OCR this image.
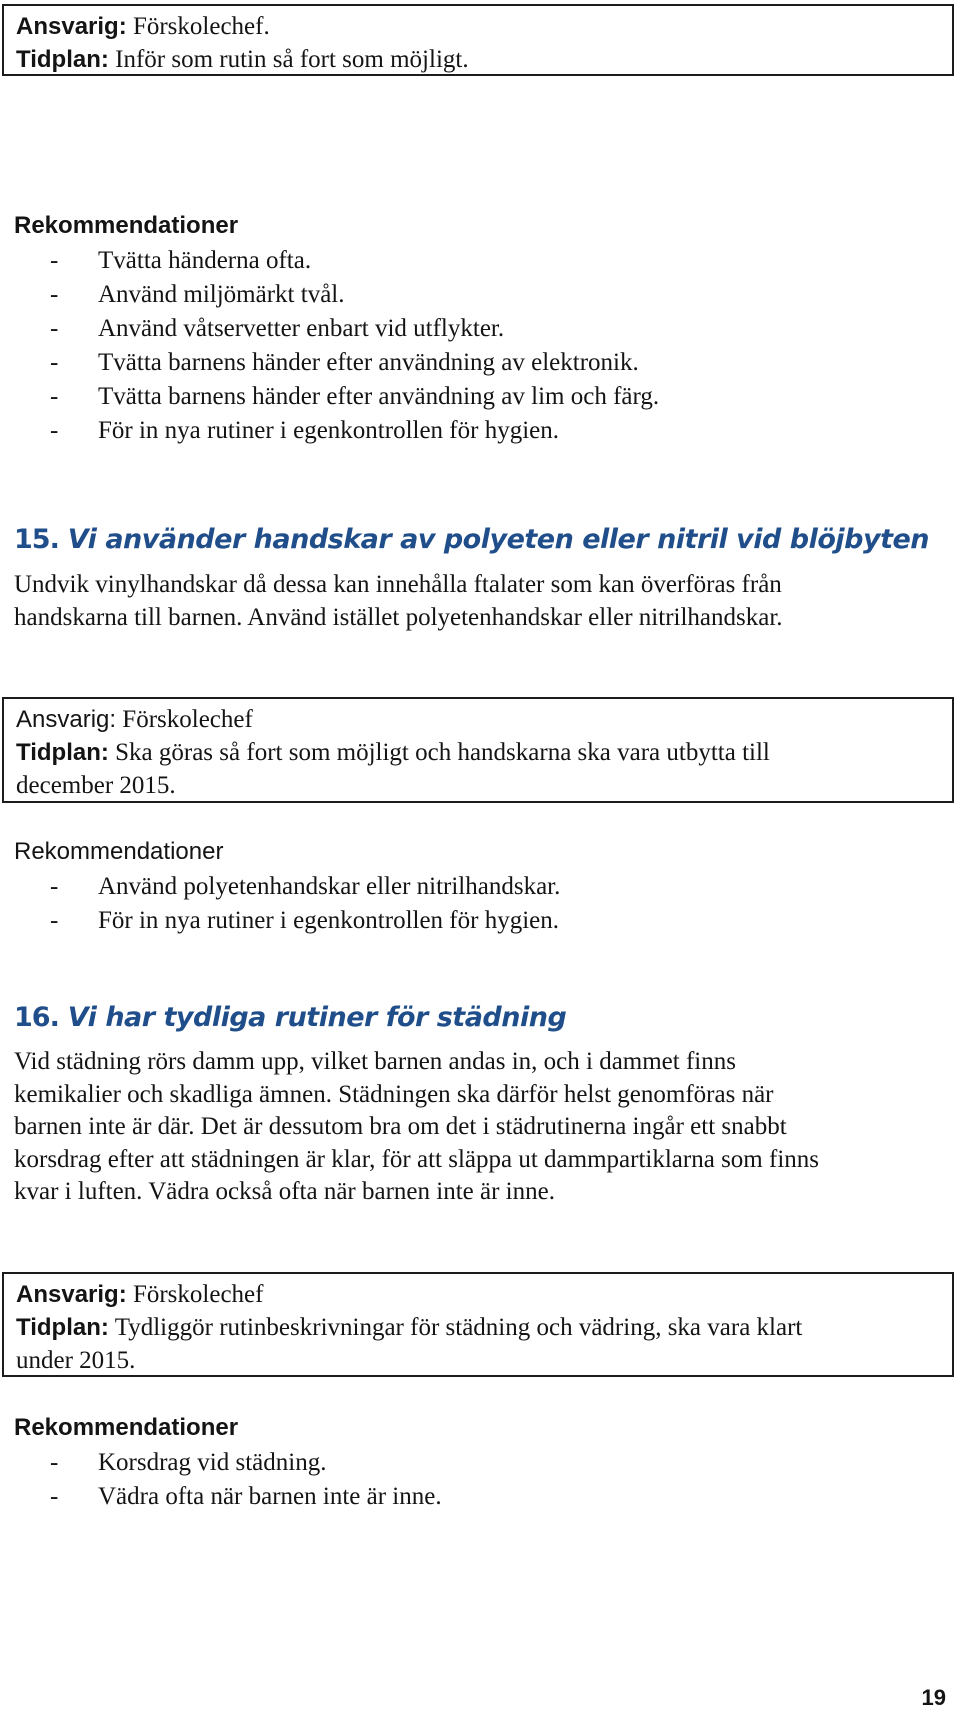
Ansvarig: Förskolechef.
Tidplan: Inför som rutin så fort som möjligt.
Rekommendationer
- Tvätta händerna ofta.
- Använd miljömärkt tvål.
- Använd våtservetter enbart vid utflykter.
- Tvätta barnens händer efter användning av elektronik.
- Tvätta barnens händer efter användning av lim och färg.
- För in nya rutiner i egenkontrollen för hygien.
15. Vi använder handskar av polyeten eller nitril vid blöjbyten

Undvik vinylhandskar då dessa kan innehålla ftalater som kan överföras från
handskarna till barnen. Använd istället polyetenhandskar eller nitrilhandskar.

Ansvarig: Förskolechef
Tidplan: Ska göras så fort som möjligt och handskarna ska vara utbytta till
december 2015.
Rekommendationer
- Använd polyetenhandskar eller nitrilhandskar.
- För in nya rutiner i egenkontrollen för hygien.
16. Vi har tydliga rutiner för städning

Vid städning rörs damm upp, vilket barnen andas in, och i dammet finns
kemikalier och skadliga ämnen. Städningen ska därför helst genomföras när
barnen inte är där. Det är dessutom bra om det i städrutinerna ingår ett snabbt
korsdrag efter att städningen är klar, för att släppa ut dammpartiklarna som finns
kvar i luften. Vädra också ofta när barnen inte är inne.

Ansvarig: Förskolechef
Tidplan: Tydliggör rutinbeskrivningar för städning och vädring, ska vara klart
under 2015.
Rekommendationer
- Korsdrag vid städning.
- Vädra ofta när barnen inte är inne.
19
